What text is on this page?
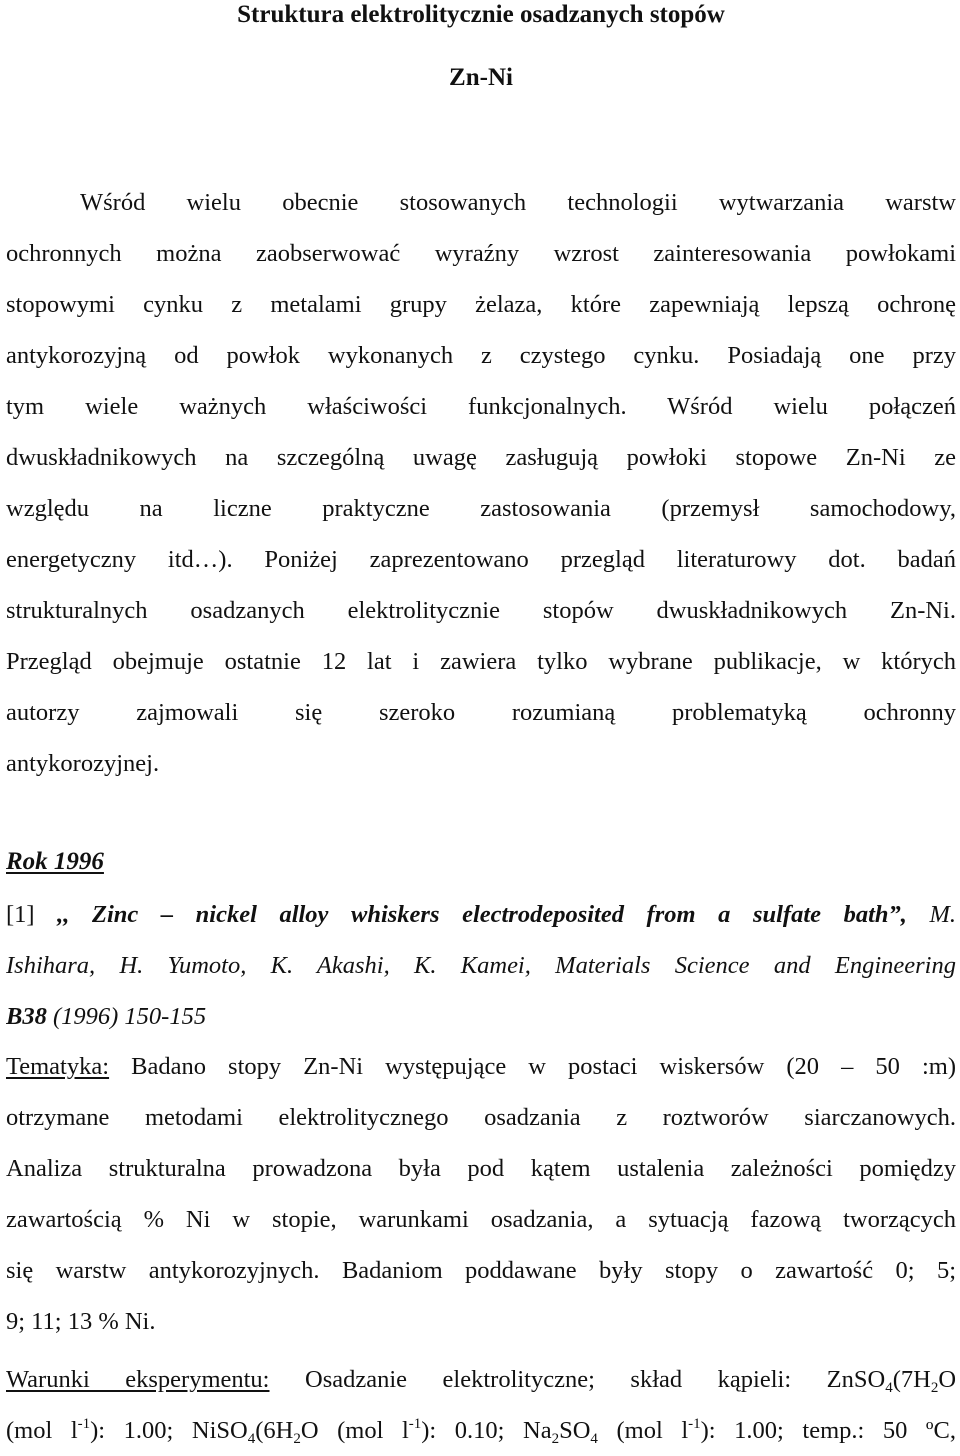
Struktura elektrolitycznie osadzanych stopów
Zn-Ni
Wśród wielu obecnie stosowanych technologii wytwarzania warstw
ochronnych można zaobserwować wyraźny wzrost zainteresowania powłokami
stopowymi cynku z metalami grupy żelaza, które zapewniają lepszą ochronę
antykorozyjną od powłok wykonanych z czystego cynku. Posiadają one przy
tym wiele ważnych właściwości funkcjonalnych. Wśród wielu połączeń
dwuskładnikowych na szczególną uwagę zasługują powłoki stopowe Zn-Ni ze
względu na liczne praktyczne zastosowania (przemysł samochodowy,
energetyczny itd…). Poniżej zaprezentowano przegląd literaturowy dot. badań
strukturalnych osadzanych elektrolitycznie stopów dwuskładnikowych Zn-Ni.
Przegląd obejmuje ostatnie 12 lat i zawiera tylko wybrane publikacje, w których
autorzy zajmowali się szeroko rozumianą problematyką ochronny
antykorozyjnej.
Rok 1996
[1] ,, Zinc – nickel alloy whiskers electrodeposited from a sulfate bath”, M.
Ishihara, H. Yumoto, K. Akashi, K. Kamei, Materials Science and Engineering
B38 (1996) 150-155
Tematyka: Badano stopy Zn-Ni występujące w postaci wiskersów (20 – 50 :m)
otrzymane metodami elektrolitycznego osadzania z roztworów siarczanowych.
Analiza strukturalna prowadzona była pod kątem ustalenia zależności pomiędzy
zawartością % Ni w stopie, warunkami osadzania, a sytuacją fazową tworzących
się warstw antykorozyjnych. Badaniom poddawane były stopy o zawartość 0; 5;
9; 11; 13 % Ni.
Warunki eksperymentu: Osadzanie elektrolityczne; skład kąpieli: $ZnSO_4(7H_2O$
(mol $l^{-1}$): 1.00; $NiSO_4(6H_2O$ (mol $l^{-1}$): 0.10; $Na_2SO_4$ (mol $l^{-1}$): 1.00; temp.: 50 ºC,
